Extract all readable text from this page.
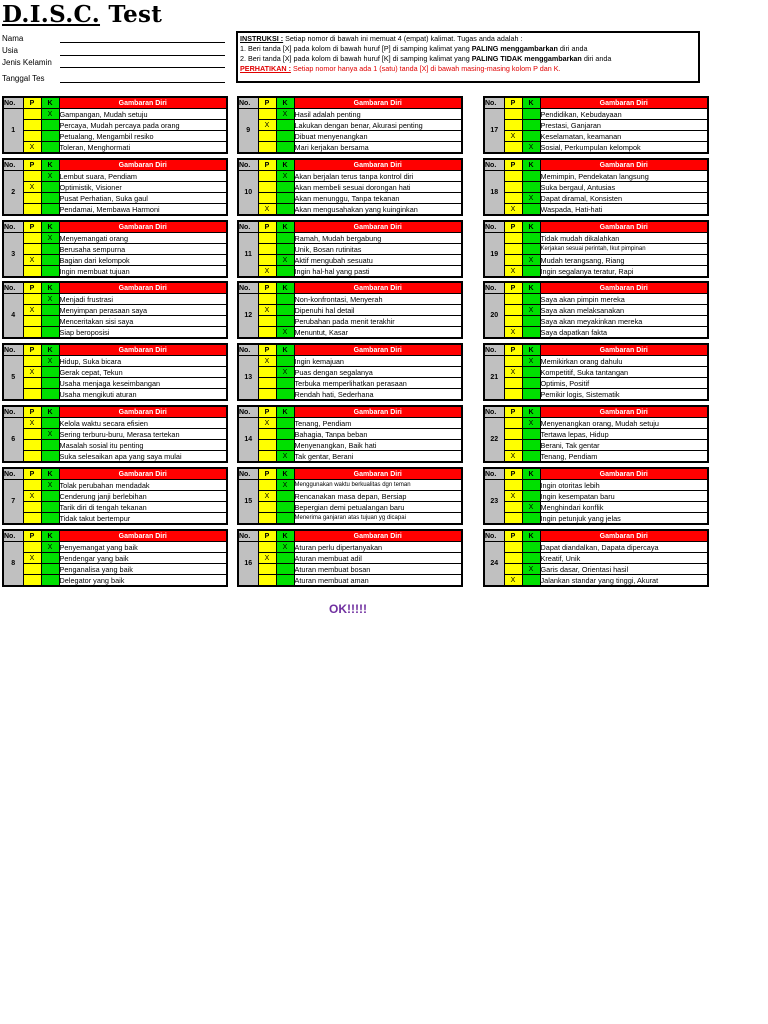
D.I.S.C. Test
Nama
Usia
Jenis Kelamin
Tanggal Tes
INSTRUKSI : Setiap nomor di bawah ini memuat 4 (empat) kalimat. Tugas anda adalah :
1. Beri tanda [X] pada kolom di bawah huruf [P] di samping kalimat yang PALING menggambarkan diri anda
2. Beri tanda [X] pada kolom di bawah huruf [K] di samping kalimat yang PALING TIDAK menggambarkan diri anda
PERHATIKAN : Setiap nomor hanya ada 1 (satu) tanda [X] di bawah masing-masing kolom P dan K.
No.	P	K	Gambaran Diri
1		X	Gampangan, Mudah setuju
			Percaya, Mudah percaya pada orang
			Petualang, Mengambil resiko
	X		Toleran, Menghormati
No.	P	K	Gambaran Diri
2		X	Lembut suara, Pendiam
	X		Optimistik, Visioner
			Pusat Perhatian, Suka gaul
			Pendamai, Membawa Harmoni
No.	P	K	Gambaran Diri
3		X	Menyemangati orang
			Berusaha sempurna
	X		Bagian dari kelompok
			Ingin membuat tujuan
No.	P	K	Gambaran Diri
4		X	Menjadi frustrasi
	X		Menyimpan perasaan saya
			Menceritakan sisi saya
			Siap beroposisi
No.	P	K	Gambaran Diri
5		X	Hidup, Suka bicara
	X		Gerak cepat, Tekun
			Usaha menjaga keseimbangan
			Usaha mengikuti aturan
No.	P	K	Gambaran Diri
6	X		Kelola waktu secara efisien
		X	Sering terburu-buru, Merasa tertekan
			Masalah sosial itu penting
			Suka selesaikan apa yang saya mulai
No.	P	K	Gambaran Diri
7		X	Tolak perubahan mendadak
	X		Cenderung janji berlebihan
			Tarik diri di tengah tekanan
			Tidak takut bertempur
No.	P	K	Gambaran Diri
8		X	Penyemangat yang baik
	X		Pendengar yang baik
			Penganalisa yang baik
			Delegator yang baik
No.	P	K	Gambaran Diri
9		X	Hasil adalah penting
	X		Lakukan dengan benar, Akurasi penting
			Dibuat menyenangkan
			Mari kerjakan bersama
No.	P	K	Gambaran Diri
10		X	Akan berjalan terus tanpa kontrol diri
			Akan membeli sesuai dorongan hati
			Akan menunggu, Tanpa tekanan
	X		Akan mengusahakan yang kuinginkan
No.	P	K	Gambaran Diri
11			Ramah, Mudah bergabung
			Unik, Bosan rutinitas
		X	Aktif mengubah sesuatu
	X		Ingin hal-hal yang pasti
No.	P	K	Gambaran Diri
12			Non-konfrontasi, Menyerah
	X		Dipenuhi hal detail
			Perubahan pada menit terakhir
		X	Menuntut, Kasar
No.	P	K	Gambaran Diri
13	X		Ingin kemajuan
		X	Puas dengan segalanya
			Terbuka memperlihatkan perasaan
			Rendah hati, Sederhana
No.	P	K	Gambaran Diri
14	X		Tenang, Pendiam
			Bahagia, Tanpa beban
			Menyenangkan, Baik hati
		X	Tak gentar, Berani
No.	P	K	Gambaran Diri
15		X	Menggunakan waktu berkualitas dgn teman
	X		Rencanakan masa depan, Bersiap
			Bepergian demi petualangan baru
			Menerima ganjaran atas tujuan yg dicapai
No.	P	K	Gambaran Diri
16		X	Aturan perlu dipertanyakan
	X		Aturan membuat adil
			Aturan membuat bosan
			Aturan membuat aman
No.	P	K	Gambaran Diri
17			Pendidikan, Kebudayaan
			Prestasi, Ganjaran
	X		Keselamatan, keamanan
		X	Sosial, Perkumpulan kelompok
No.	P	K	Gambaran Diri
18			Memimpin, Pendekatan langsung
			Suka bergaul, Antusias
		X	Dapat diramal, Konsisten
	X		Waspada, Hati-hati
No.	P	K	Gambaran Diri
19			Tidak mudah dikalahkan
			Kerjakan sesuai perintah, Ikut pimpinan
		X	Mudah terangsang, Riang
	X		Ingin segalanya teratur, Rapi
No.	P	K	Gambaran Diri
20			Saya akan pimpin mereka
		X	Saya akan melaksanakan
			Saya akan meyakinkan mereka
	X		Saya dapatkan fakta
No.	P	K	Gambaran Diri
21		X	Memikirkan orang dahulu
	X		Kompetitif, Suka tantangan
			Optimis, Positif
			Pemikir logis, Sistematik
No.	P	K	Gambaran Diri
22		X	Menyenangkan orang, Mudah setuju
			Tertawa lepas, Hidup
			Berani, Tak gentar
	X		Tenang, Pendiam
No.	P	K	Gambaran Diri
23			Ingin otoritas lebih
	X		Ingin kesempatan baru
		X	Menghindari konflik
			Ingin petunjuk yang jelas
No.	P	K	Gambaran Diri
24			Dapat diandalkan, Dapata dipercaya
			Kreatif, Unik
		X	Garis dasar, Orientasi hasil
	X		Jalankan standar yang tinggi, Akurat
OK!!!!!
